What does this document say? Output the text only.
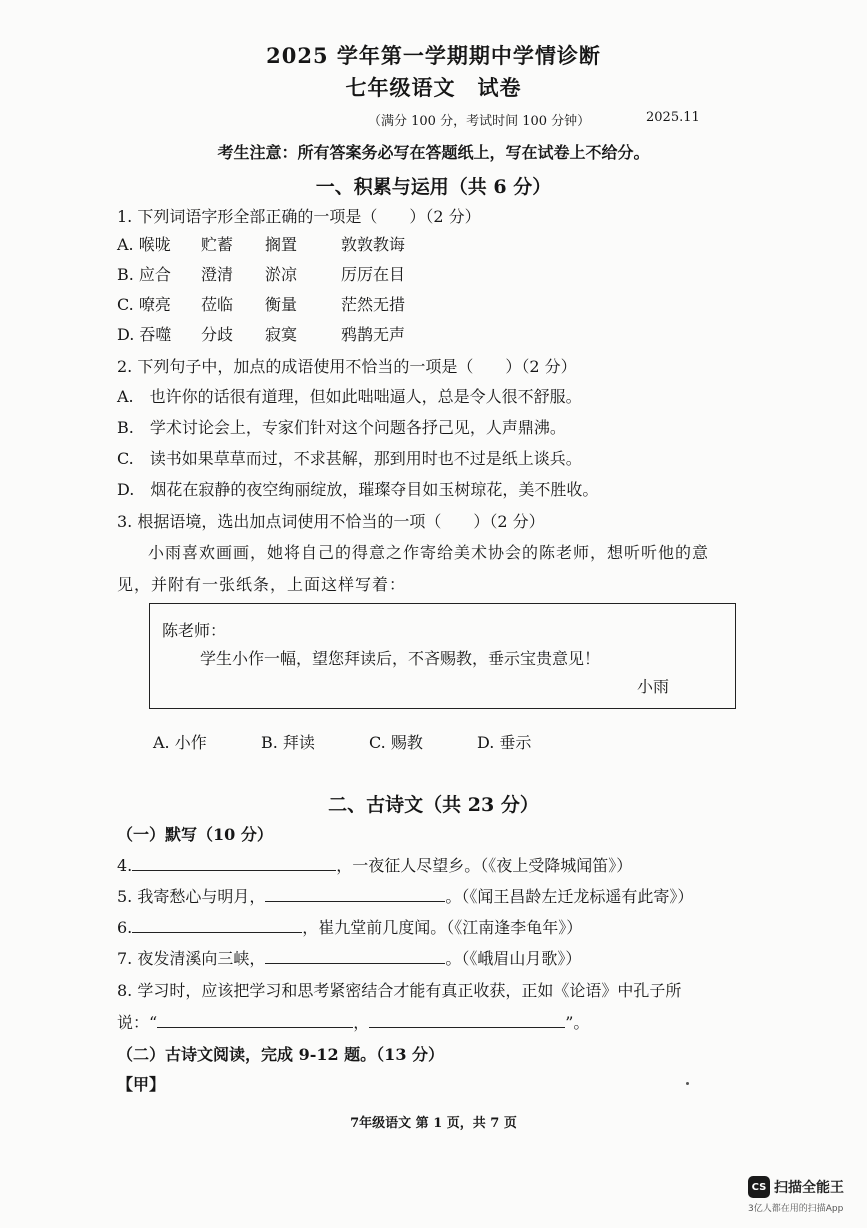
2025 学年第一学期期中学情诊断
七年级语文　试卷
（满分 100 分，考试时间 100 分钟）	2025.11
考生注意：所有答案务必写在答题纸上，写在试卷上不给分。
一、积累与运用（共 6 分）
1. 下列词语字形全部正确的一项是（　　）（2 分）
A. 喉咙	贮蓄	搁置	敦敦教诲
B. 应合	澄清	淤凉	厉厉在目
C. 嘹亮	莅临	衡量	茫然无措
D. 吞噬	分歧	寂寞	鸦鹊无声
2. 下列句子中，加点的成语使用不恰当的一项是（　　）（2 分）
A.　也许你的话很有道理，但如此咄咄逼人，总是令人很不舒服。
B.　学术讨论会上，专家们针对这个问题各抒己见，人声鼎沸。
C.　读书如果草草而过，不求甚解，那到用时也不过是纸上谈兵。
D.　烟花在寂静的夜空绚丽绽放，璀璨夺目如玉树琼花，美不胜收。
3. 根据语境，选出加点词使用不恰当的一项（　　）（2 分）
小雨喜欢画画，她将自己的得意之作寄给美术协会的陈老师，想听听他的意
见，并附有一张纸条，上面这样写着：
陈老师：
学生小作一幅，望您拜读后，不吝赐教，垂示宝贵意见！
小雨
A. 小作	B. 拜读	C. 赐教	D. 垂示
二、古诗文（共 23 分）
（一）默写（10 分）
4.	，一夜征人尽望乡。（《夜上受降城闻笛》）
5. 我寄愁心与明月，	。（《闻王昌龄左迁龙标遥有此寄》）
6.	，崔九堂前几度闻。（《江南逢李龟年》）
7. 夜发清溪向三峡，	。（《峨眉山月歌》）
8. 学习时，应该把学习和思考紧密结合才能有真正收获，正如《论语》中孔子所
说：“	，	”。
（二）古诗文阅读，完成 9-12 题。（13 分）
【甲】
7年级语文 第 1 页，共 7 页
CS 扫描全能王
3亿人都在用的扫描App
